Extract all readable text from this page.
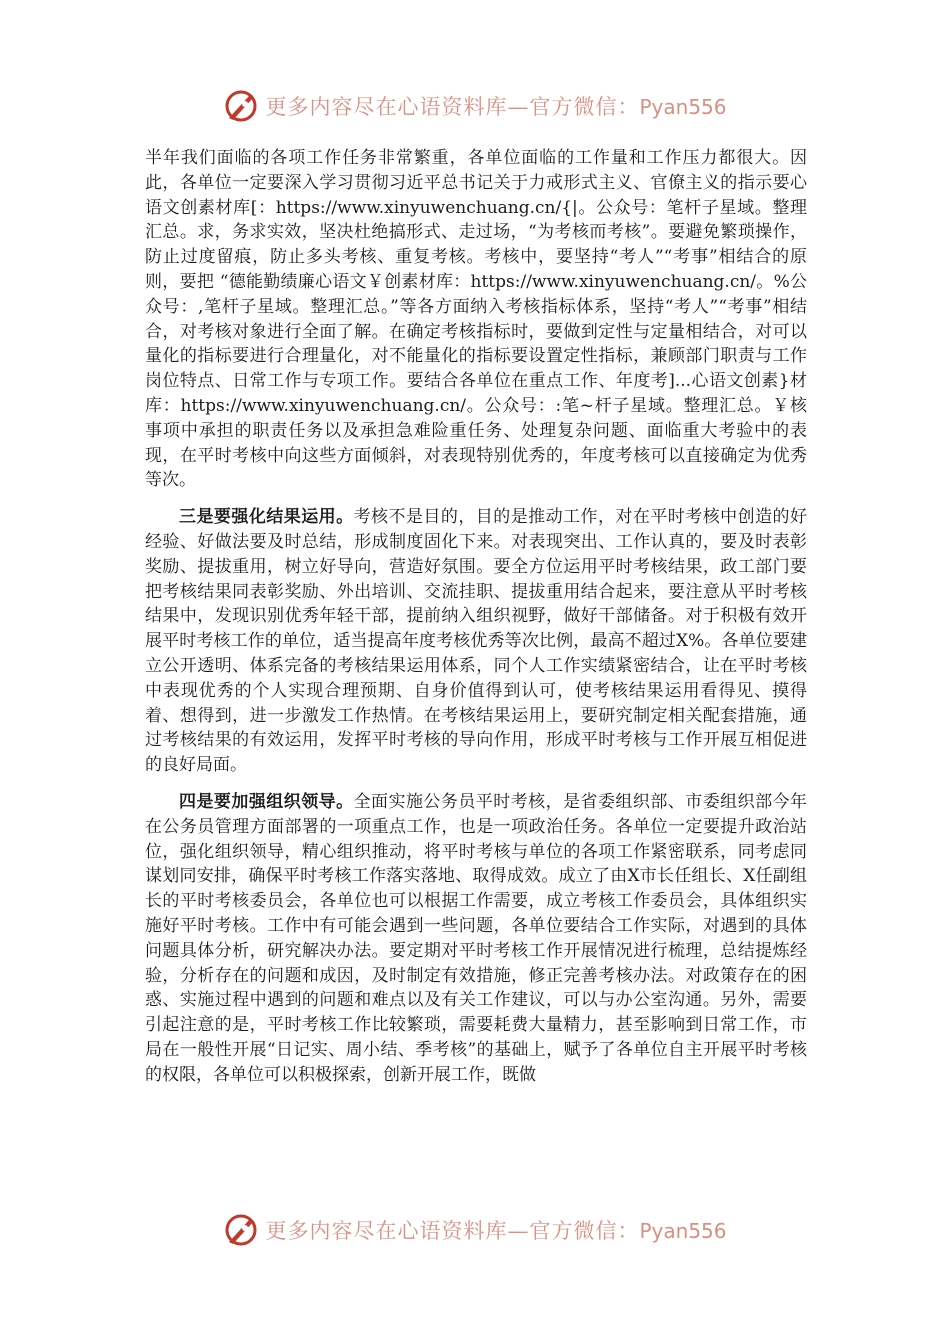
更多内容尽在心语资料库—官方微信：Pyan556

半年我们面临的各项工作任务非常繁重，各单位面临的工作量和工作压力都很大。因此，各单位一定要深入学习贯彻习近平总书记关于力戒形式主义、官僚主义的指示要心语文创素材库[：https://www.xinyuwenchuang.cn/{|。公众号：笔杆子星域。整理汇总。求，务求实效，坚决杜绝搞形式、走过场，“为考核而考核”。要避免繁琐操作，防止过度留痕，防止多头考核、重复考核。考核中，要坚持“考人”“考事”相结合的原则，要把 “德能勤绩廉心语文￥创素材库：https://www.xinyuwenchuang.cn/。%公众号：,笔杆子星域。整理汇总。”等各方面纳入考核指标体系，坚持“考人”“考事”相结合，对考核对象进行全面了解。在确定考核指标时，要做到定性与定量相结合，对可以量化的指标要进行合理量化，对不能量化的指标要设置定性指标，兼顾部门职责与工作岗位特点、日常工作与专项工作。要结合各单位在重点工作、年度考]...心语文创素}材库：https://www.xinyuwenchuang.cn/。公众号：:笔~杆子星域。整理汇总。￥核事项中承担的职责任务以及承担急难险重任务、处理复杂问题、面临重大考验中的表现，在平时考核中向这些方面倾斜，对表现特别优秀的，年度考核可以直接确定为优秀等次。

三是要强化结果运用。考核不是目的，目的是推动工作，对在平时考核中创造的好经验、好做法要及时总结，形成制度固化下来。对表现突出、工作认真的，要及时表彰奖励、提拔重用，树立好导向，营造好氛围。要全方位运用平时考核结果，政工部门要把考核结果同表彰奖励、外出培训、交流挂职、提拔重用结合起来，要注意从平时考核结果中，发现识别优秀年轻干部，提前纳入组织视野，做好干部储备。对于积极有效开展平时考核工作的单位，适当提高年度考核优秀等次比例，最高不超过X%。各单位要建立公开透明、体系完备的考核结果运用体系，同个人工作实绩紧密结合，让在平时考核中表现优秀的个人实现合理预期、自身价值得到认可，使考核结果运用看得见、摸得着、想得到，进一步激发工作热情。在考核结果运用上，要研究制定相关配套措施，通过考核结果的有效运用，发挥平时考核的导向作用，形成平时考核与工作开展互相促进的良好局面。

四是要加强组织领导。全面实施公务员平时考核，是省委组织部、市委组织部今年在公务员管理方面部署的一项重点工作，也是一项政治任务。各单位一定要提升政治站位，强化组织领导，精心组织推动，将平时考核与单位的各项工作紧密联系，同考虑同谋划同安排，确保平时考核工作落实落地、取得成效。成立了由X市长任组长、X任副组长的平时考核委员会，各单位也可以根据工作需要，成立考核工作委员会，具体组织实施好平时考核。工作中有可能会遇到一些问题，各单位要结合工作实际，对遇到的具体问题具体分析，研究解决办法。要定期对平时考核工作开展情况进行梳理，总结提炼经验，分析存在的问题和成因，及时制定有效措施，修正完善考核办法。对政策存在的困惑、实施过程中遇到的问题和难点以及有关工作建议，可以与办公室沟通。另外，需要引起注意的是，平时考核工作比较繁琐，需要耗费大量精力，甚至影响到日常工作，市局在一般性开展“日记实、周小结、季考核”的基础上，赋予了各单位自主开展平时考核的权限，各单位可以积极探索，创新开展工作，既做

更多内容尽在心语资料库—官方微信：Pyan556
